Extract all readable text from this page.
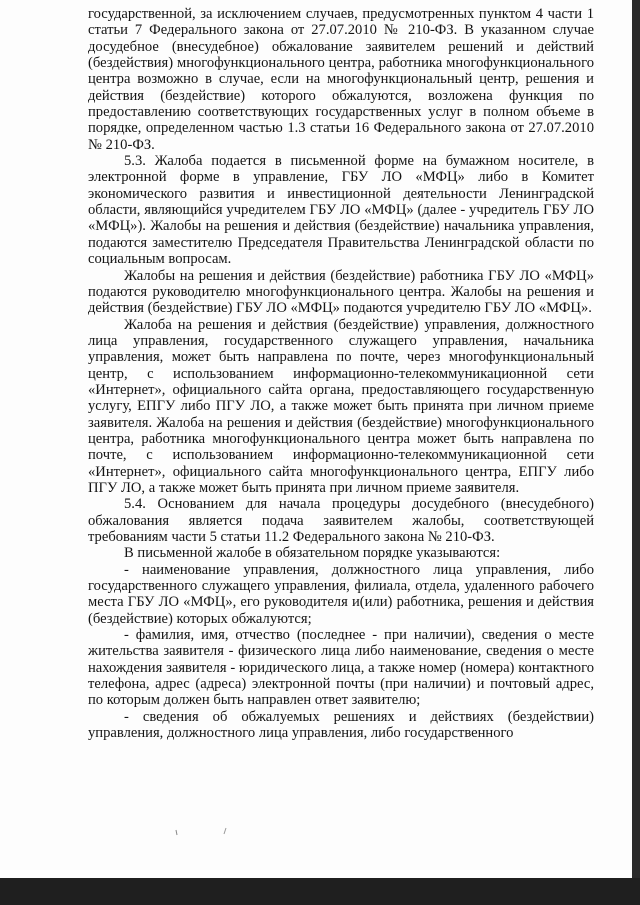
государственной, за исключением случаев, предусмотренных пунктом 4 части 1 статьи 7 Федерального закона от 27.07.2010 № 210-ФЗ. В указанном случае досудебное (внесудебное) обжалование заявителем решений и действий (бездействия) многофункционального центра, работника многофункционального центра возможно в случае, если на многофункциональный центр, решения и действия (бездействие) которого обжалуются, возложена функция по предоставлению соответствующих государственных услуг в полном объеме в порядке, определенном частью 1.3 статьи 16 Федерального закона от 27.07.2010 № 210-ФЗ.

5.3. Жалоба подается в письменной форме на бумажном носителе, в электронной форме в управление, ГБУ ЛО «МФЦ» либо в Комитет экономического развития и инвестиционной деятельности Ленинградской области, являющийся учредителем ГБУ ЛО «МФЦ» (далее - учредитель ГБУ ЛО «МФЦ»). Жалобы на решения и действия (бездействие) начальника управления, подаются заместителю Председателя Правительства Ленинградской области по социальным вопросам.

Жалобы на решения и действия (бездействие) работника ГБУ ЛО «МФЦ» подаются руководителю многофункционального центра. Жалобы на решения и действия (бездействие) ГБУ ЛО «МФЦ» подаются учредителю ГБУ ЛО «МФЦ».

Жалоба на решения и действия (бездействие) управления, должностного лица управления, государственного служащего управления, начальника управления, может быть направлена по почте, через многофункциональный центр, с использованием информационно-телекоммуникационной сети «Интернет», официального сайта органа, предоставляющего государственную услугу, ЕПГУ либо ПГУ ЛО, а также может быть принята при личном приеме заявителя. Жалоба на решения и действия (бездействие) многофункционального центра, работника многофункционального центра может быть направлена по почте, с использованием информационно-телекоммуникационной сети «Интернет», официального сайта многофункционального центра, ЕПГУ либо ПГУ ЛО, а также может быть принята при личном приеме заявителя.

5.4. Основанием для начала процедуры досудебного (внесудебного) обжалования является подача заявителем жалобы, соответствующей требованиям части 5 статьи 11.2 Федерального закона № 210-ФЗ.

В письменной жалобе в обязательном порядке указываются:

- наименование управления, должностного лица управления, либо государственного служащего управления, филиала, отдела, удаленного рабочего места ГБУ ЛО «МФЦ», его руководителя и(или) работника, решения и действия (бездействие) которых обжалуются;

- фамилия, имя, отчество (последнее - при наличии), сведения о месте жительства заявителя - физического лица либо наименование, сведения о месте нахождения заявителя - юридического лица, а также номер (номера) контактного телефона, адрес (адреса) электронной почты (при наличии) и почтовый адрес, по которым должен быть направлен ответ заявителю;

- сведения об обжалуемых решениях и действиях (бездействии) управления, должностного лица управления, либо государственного
